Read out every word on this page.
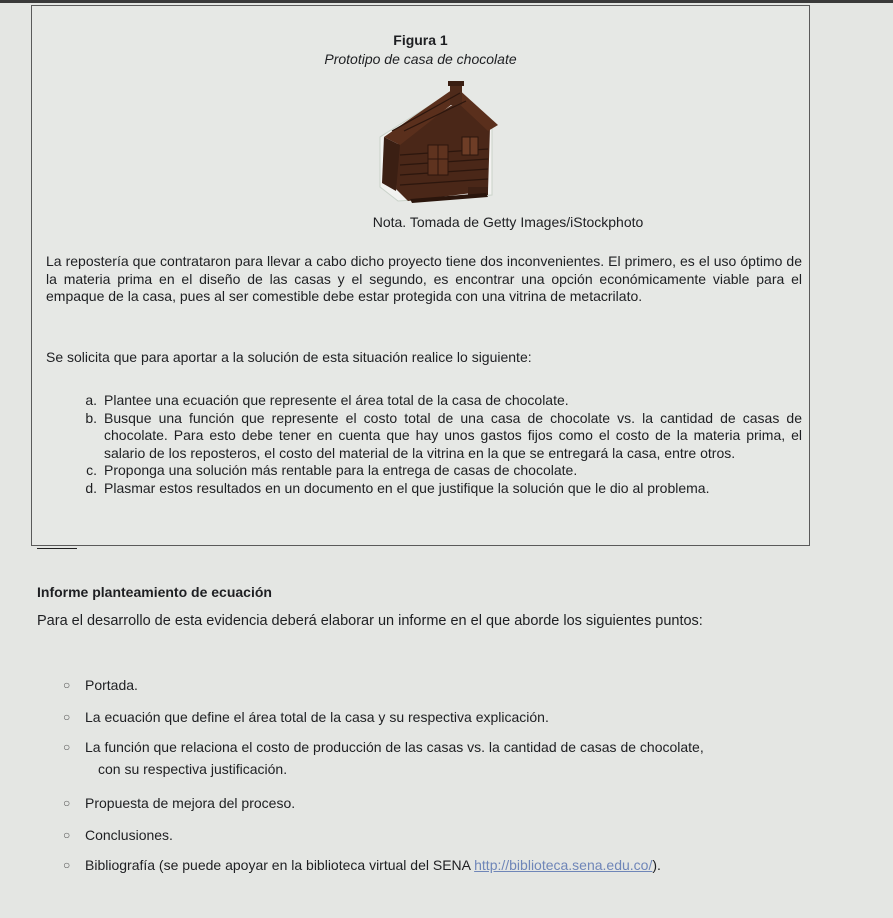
Figura 1
Prototipo de casa de chocolate
Nota. Tomada de Getty Images/iStockphoto
La repostería que contrataron para llevar a cabo dicho proyecto tiene dos inconvenientes. El primero, es el uso óptimo de la materia prima en el diseño de las casas y el segundo, es encontrar una opción económicamente viable para el empaque de la casa, pues al ser comestible debe estar protegida con una vitrina de metacrilato.
Se solicita que para aportar a la solución de esta situación realice lo siguiente:
a. Plantee una ecuación que represente el área total de la casa de chocolate.
b. Busque una función que represente el costo total de una casa de chocolate vs. la cantidad de casas de chocolate. Para esto debe tener en cuenta que hay unos gastos fijos como el costo de la materia prima, el salario de los reposteros, el costo del material de la vitrina en la que se entregará la casa, entre otros.
c. Proponga una solución más rentable para la entrega de casas de chocolate.
d. Plasmar estos resultados en un documento en el que justifique la solución que le dio al problema.
Informe planteamiento de ecuación
Para el desarrollo de esta evidencia deberá elaborar un informe en el que aborde los siguientes puntos:
○	Portada.
○	La ecuación que define el área total de la casa y su respectiva explicación.
○	La función que relaciona el costo de producción de las casas vs. la cantidad de casas de chocolate,
con su respectiva justificación.
○	Propuesta de mejora del proceso.
○	Conclusiones.
○	Bibliografía (se puede apoyar en la biblioteca virtual del SENA http://biblioteca.sena.edu.co/).
